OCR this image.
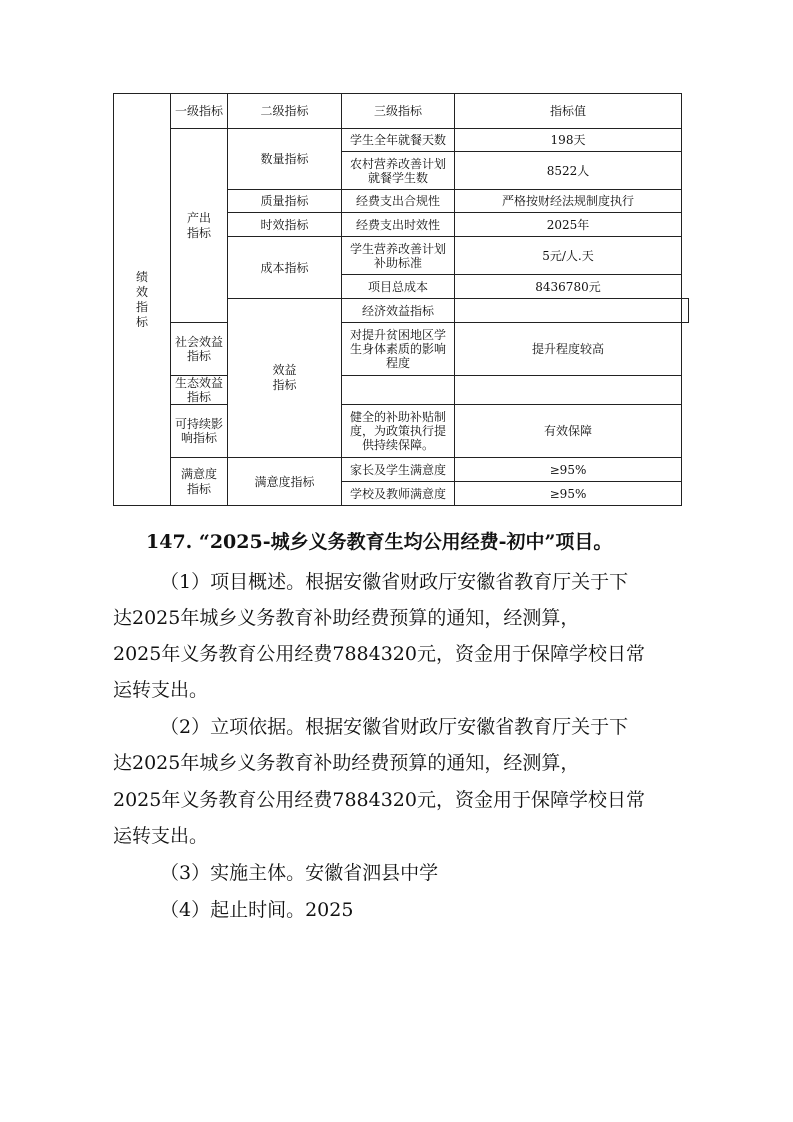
绩效指标	一级指标	二级指标	三级指标	指标值	

	产出指标	数量指标	学生全年就餐天数	198天	
			农村营养改善计划就餐学生数	8522人	
		质量指标	经费支出合规性	严格按财经法规制度执行	
		时效指标	经费支出时效性	2025年	
		成本指标	学生营养改善计划补助标准	5元/人.天	
			项目总成本	8436780元	

		效益指标	经济效益指标		
	社会效益指标		对提升贫困地区学生身体素质的影响程度	提升程度较高	
	生态效益指标				
	可持续影响指标		健全的补助补贴制度，为政策执行提供持续保障。	有效保障	

	满意度指标	满意度指标	家长及学生满意度	≥95%	
			学校及教师满意度	≥95%	
147. “2025-城乡义务教育生均公用经费-初中”项目。
（1）项目概述。根据安徽省财政厅安徽省教育厅关于下
达2025年城乡义务教育补助经费预算的通知，经测算，
2025年义务教育公用经费7884320元，资金用于保障学校日常
运转支出。
（2）立项依据。根据安徽省财政厅安徽省教育厅关于下
达2025年城乡义务教育补助经费预算的通知，经测算，
2025年义务教育公用经费7884320元，资金用于保障学校日常
运转支出。
（3）实施主体。安徽省泗县中学
（4）起止时间。2025
